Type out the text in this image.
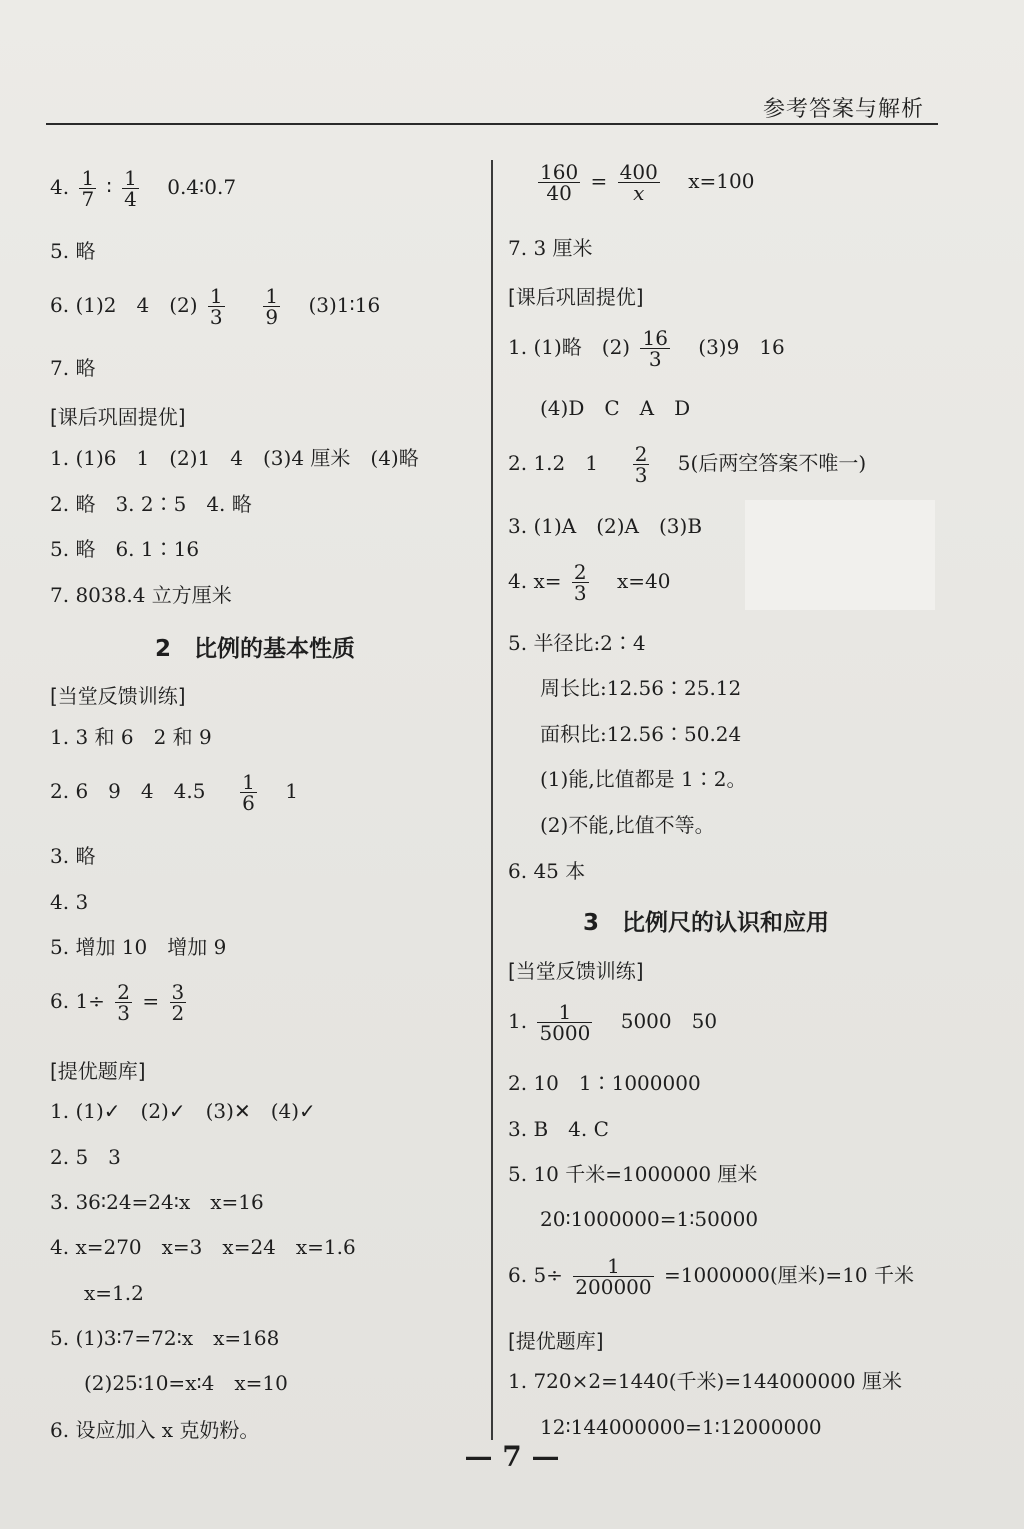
参考答案与解析
4. $\frac{1}{7}$ ∶ $\frac{1}{4}$ 0.4∶0.7
5. 略
6. (1)2　4　$(2) \frac{1}{3}$
$\frac{1}{9}$ (3)1∶16
7. 略
[课后巩固提优]
1. (1)6　1　(2)1　4　(3)4 厘米　(4)略
2. 略　3. 2∶5　4. 略
5. 略　6. 1∶16
7. 8038.4 立方厘米
2　比例的基本性质
[当堂反馈训练]
1. 3 和 6　2 和 9
2. 6　9　4　$4.5 \frac{1}{6} 1$
3. 略
4. 3
5. 增加 10　增加 9
6. $1\div \frac{2}{3} = \frac{3}{2}$
[提优题库]
1. (1)✓　(2)✓　(3)✕　(4)✓
2. 5　3
3. 36∶24=24∶x　x=16
4. x=270　x=3　x=24　x=1.6
x=1.2
5. (1)3∶7=72∶x　x=168
(2)25∶10=x∶4　x=10
6. 设应加入 x 克奶粉。
$\frac{160}{40} = \frac{400}{x} x=100$
7. 3 厘米
[课后巩固提优]
1. (1)略　$(2) \frac{16}{3} (3)9$　16
(4)D　C　A　D
2. 1.2　$1 \frac{2}{3} 5$(后两空答案不唯一)
3. (1)A　(2)A　(3)B
4. $x= \frac{2}{3} x=40$
5. 半径比:2∶4
周长比:12.56∶25.12
面积比:12.56∶50.24
(1)能,比值都是 1∶2。
(2)不能,比值不等。
6. 45 本
3　比例尺的认识和应用
[当堂反馈训练]
1. $\frac{1}{5000} 5000$　50
2. 10　1∶1000000
3. B　4. C
5. 10 千米=1000000 厘米
20∶1000000=1∶50000
6. $5\div \frac{1}{200000} =1000000$(厘米)=10 千米
[提优题库]
1. 720×2=1440(千米)=144000000 厘米
12∶144000000=1∶12000000
— 7 —
